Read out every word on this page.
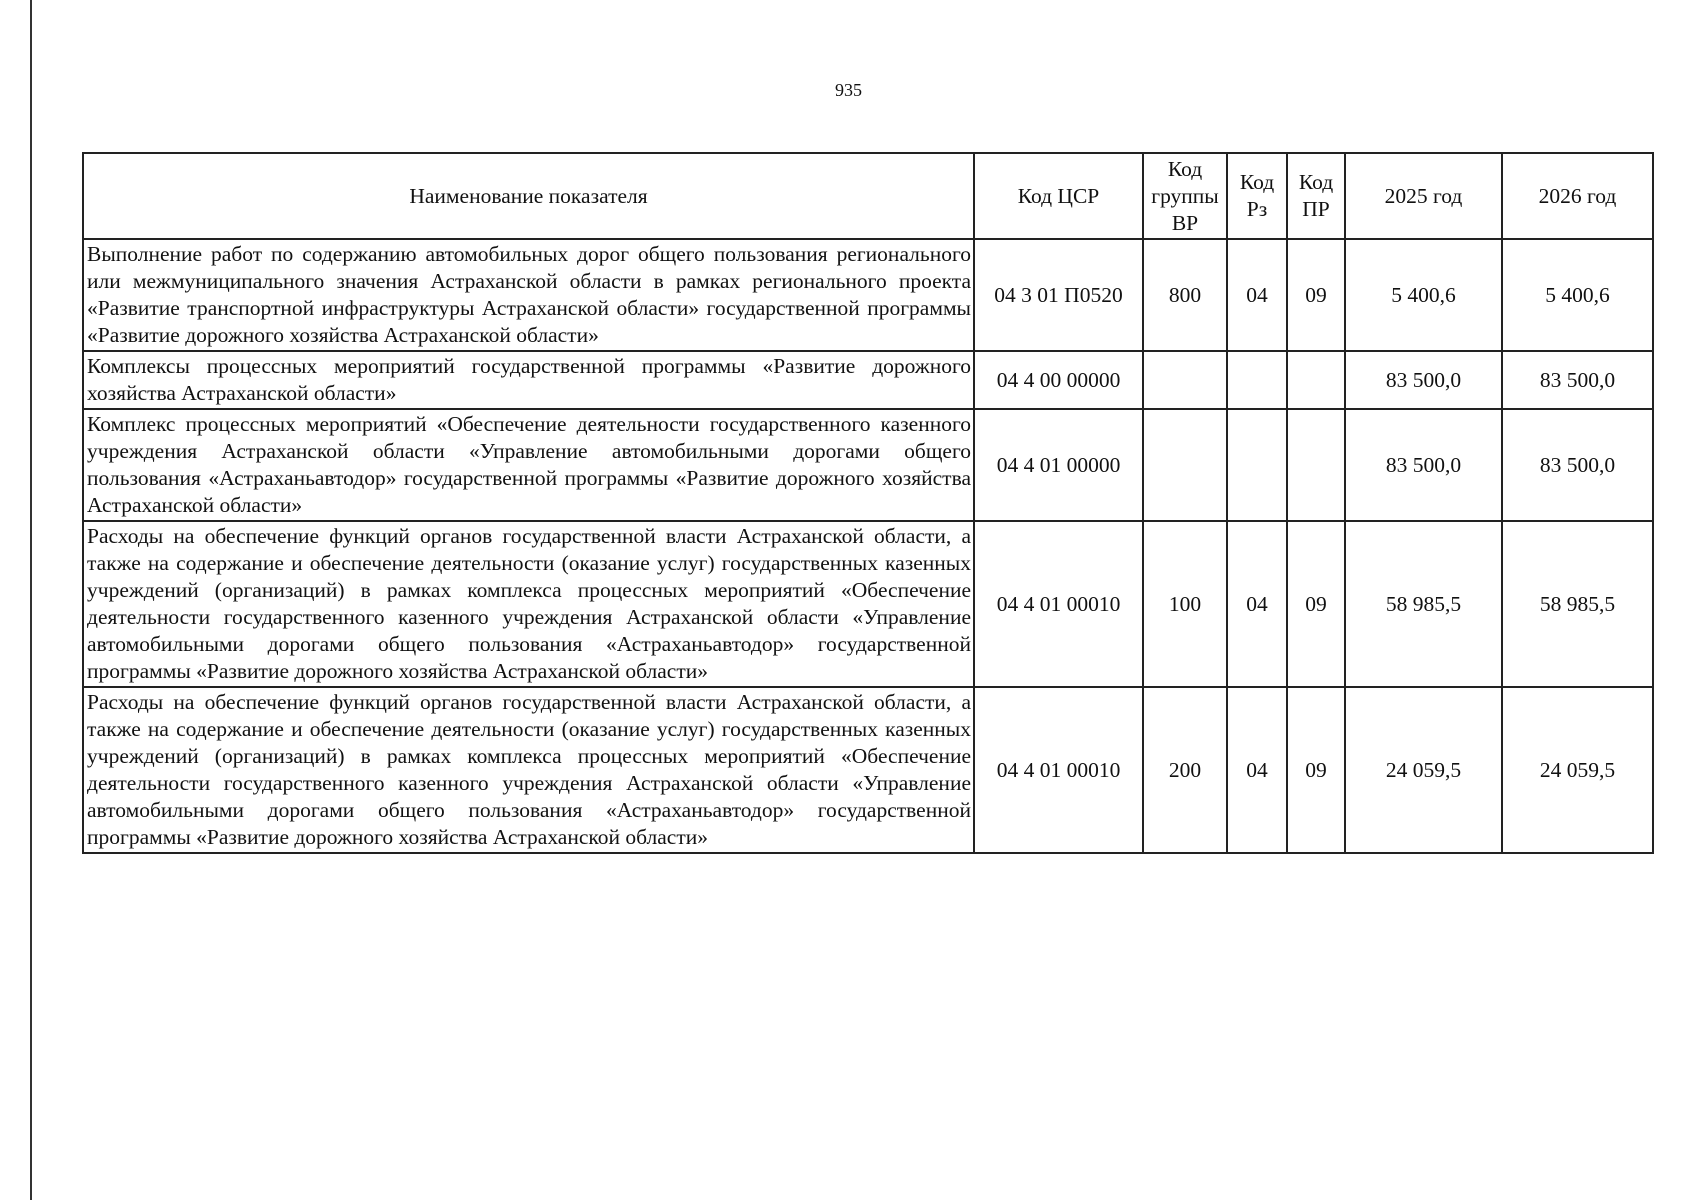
935
Наименование показателя	Код ЦСР	Код группы ВР	Код Рз	Код ПР	2025 год	2026 год
Выполнение работ по содержанию автомобильных дорог общего пользования регионального или межмуниципального значения Астраханской области в рамках регионального проекта «Развитие транспортной инфраструктуры Астраханской области» государственной программы «Развитие дорожного хозяйства Астраханской области»	04 3 01 П0520	800	04	09	5 400,6	5 400,6
Комплексы процессных мероприятий государственной программы «Развитие дорожного хозяйства Астраханской области»	04 4 00 00000				83 500,0	83 500,0
Комплекс процессных мероприятий «Обеспечение деятельности государственного казенного учреждения Астраханской области «Управление автомобильными дорогами общего пользования «Астраханьавтодор» государственной программы «Развитие дорожного хозяйства Астраханской области»	04 4 01 00000				83 500,0	83 500,0
Расходы на обеспечение функций органов государственной власти Астраханской области, а также на содержание и обеспечение деятельности (оказание услуг) государственных казенных учреждений (организаций) в рамках комплекса процессных мероприятий «Обеспечение деятельности государственного казенного учреждения Астраханской области «Управление автомобильными дорогами общего пользования «Астраханьавтодор» государственной программы «Развитие дорожного хозяйства Астраханской области»	04 4 01 00010	100	04	09	58 985,5	58 985,5
Расходы на обеспечение функций органов государственной власти Астраханской области, а также на содержание и обеспечение деятельности (оказание услуг) государственных казенных учреждений (организаций) в рамках комплекса процессных мероприятий «Обеспечение деятельности государственного казенного учреждения Астраханской области «Управление автомобильными дорогами общего пользования «Астраханьавтодор» государственной программы «Развитие дорожного хозяйства Астраханской области»	04 4 01 00010	200	04	09	24 059,5	24 059,5
